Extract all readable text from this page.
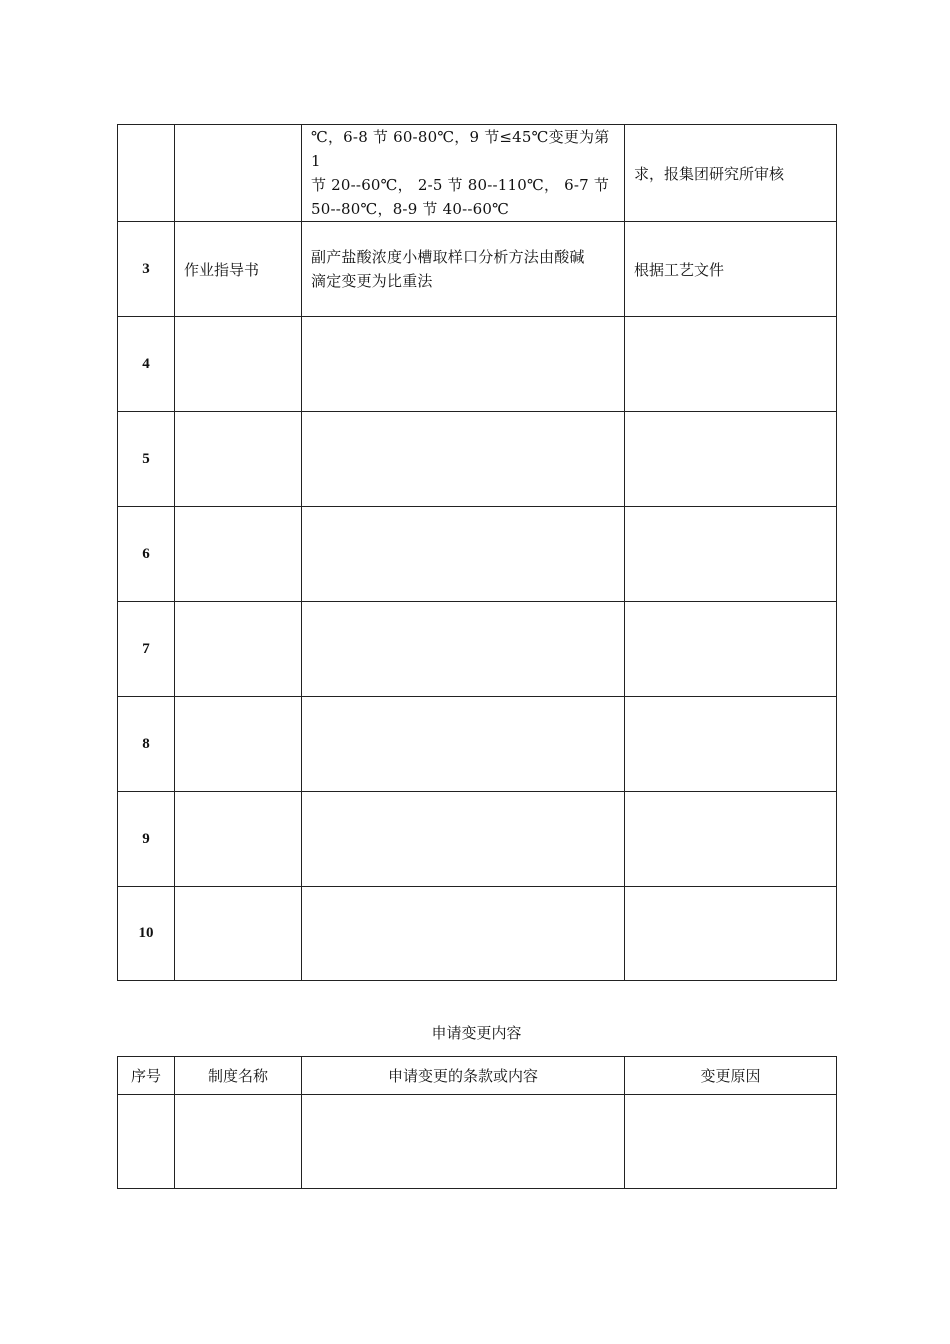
		℃，6-8 节 60-80℃，9 节≤45℃变更为第 1
节 20--60℃， 2-5 节 80--110℃， 6-7 节
50--80℃，8-9 节 40--60℃	求，报集团研究所审核
3	作业指导书	副产盐酸浓度小槽取样口分析方法由酸碱
滴定变更为比重法	根据工艺文件
4			
5			
6			
7			
8			
9			
10			
申请变更内容
序号	制度名称	申请变更的条款或内容	变更原因
